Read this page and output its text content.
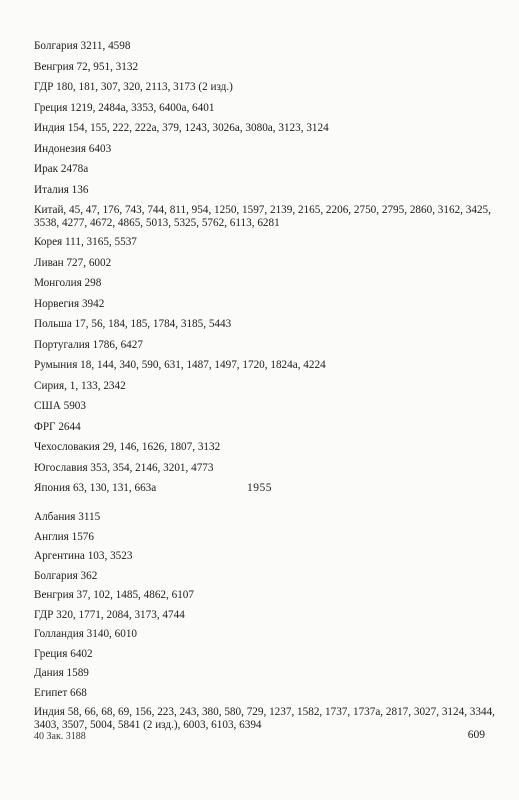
Болгария 3211, 4598

Венгрия 72, 951, 3132

ГДР 180, 181, 307, 320, 2113, 3173 (2 изд.)

Греция 1219, 2484а, 3353, 6400а, 6401

Индия 154, 155, 222, 222а, 379, 1243, 3026а, 3080а, 3123, 3124

Индонезия 6403

Ирак 2478а

Италия 136

Китай, 45, 47, 176, 743, 744, 811, 954, 1250, 1597, 2139, 2165, 2206, 2750, 2795, 2860, 3162, 3425, 3538, 4277, 4672, 4865, 5013, 5325, 5762, 6113, 6281

Корея 111, 3165, 5537

Ливан 727, 6002

Монголия 298

Норвегия 3942

Польша 17, 56, 184, 185, 1784, 3185, 5443

Португалия 1786, 6427

Румыния 18, 144, 340, 590, 631, 1487, 1497, 1720, 1824а, 4224

Сирия, 1, 133, 2342

США 5903

ФРГ 2644

Чехословакия 29, 146, 1626, 1807, 3132

Югославия 353, 354, 2146, 3201, 4773

Япония 63, 130, 131, 663а	1955

Албания 3115

Англия 1576

Аргентина 103, 3523

Болгария 362

Венгрия 37, 102, 1485, 4862, 6107

ГДР 320, 1771, 2084, 3173, 4744

Голландия 3140, 6010

Греция 6402

Дания 1589

Египет 668

Индия 58, 66, 68, 69, 156, 223, 243, 380, 580, 729, 1237, 1582, 1737, 1737а, 2817, 3027, 3124, 3344, 3403, 3507, 5004, 5841 (2 изд.), 6003, 6103, 6394

40 Зак. 3188	609
